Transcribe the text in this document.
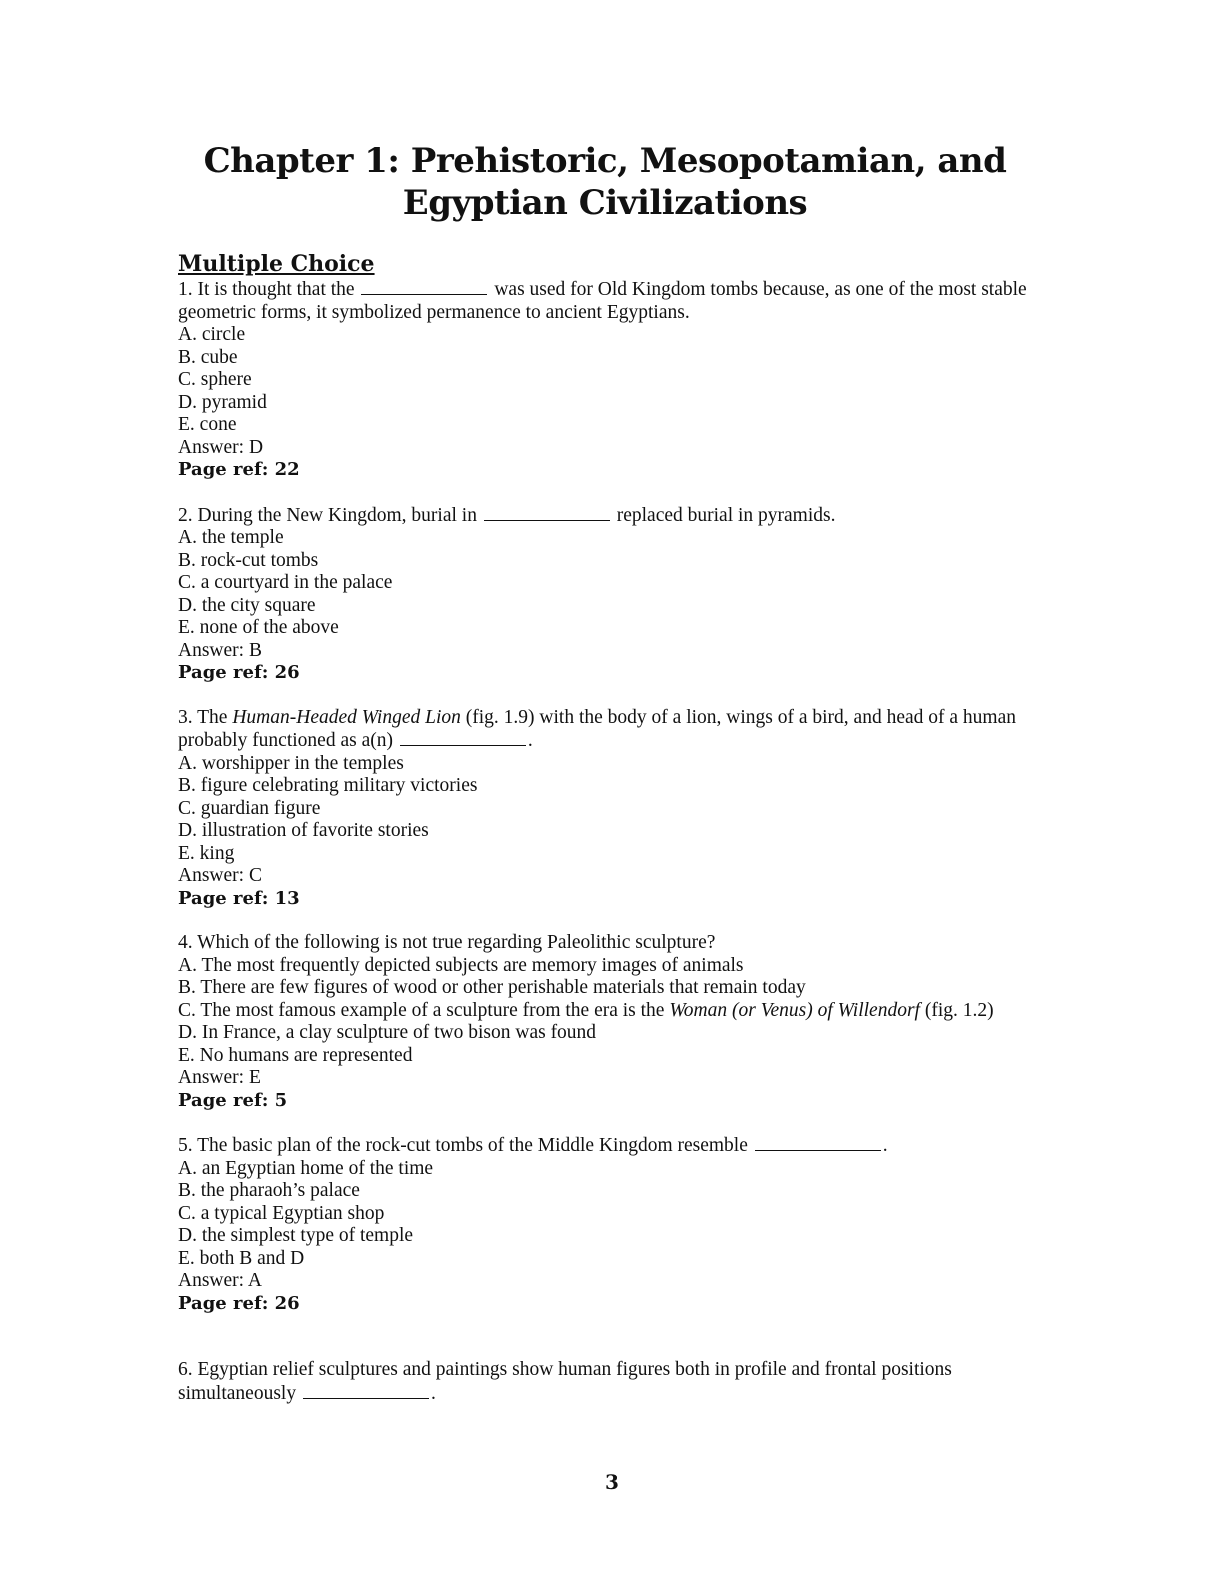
Chapter 1: Prehistoric, Mesopotamian, and Egyptian Civilizations
Multiple Choice

1. It is thought that the	was used for Old Kingdom tombs because, as one of the most stable geometric forms, it symbolized permanence to ancient Egyptians.

A. circle
B. cube
C. sphere
D. pyramid
E. cone

Answer: D

Page ref: 22

2. During the New Kingdom, burial in	replaced burial in pyramids.

A. the temple
B. rock-cut tombs
C. a courtyard in the palace
D. the city square
E. none of the above

Answer: B

Page ref: 26

3. The Human-Headed Winged Lion (fig. 1.9) with the body of a lion, wings of a bird, and head of a human probably functioned as a(n)	.

A. worshipper in the temples
B. figure celebrating military victories
C. guardian figure
D. illustration of favorite stories
E. king

Answer: C

Page ref: 13

4. Which of the following is not true regarding Paleolithic sculpture?

A. The most frequently depicted subjects are memory images of animals
B. There are few figures of wood or other perishable materials that remain today
C. The most famous example of a sculpture from the era is the Woman (or Venus) of Willendorf (fig. 1.2)
D. In France, a clay sculpture of two bison was found
E. No humans are represented

Answer: E

Page ref: 5

5. The basic plan of the rock-cut tombs of the Middle Kingdom resemble	.

A. an Egyptian home of the time
B. the pharaoh’s palace
C. a typical Egyptian shop
D. the simplest type of temple
E. both B and D

Answer: A

Page ref: 26

6. Egyptian relief sculptures and paintings show human figures both in profile and frontal positions simultaneously	.

3
